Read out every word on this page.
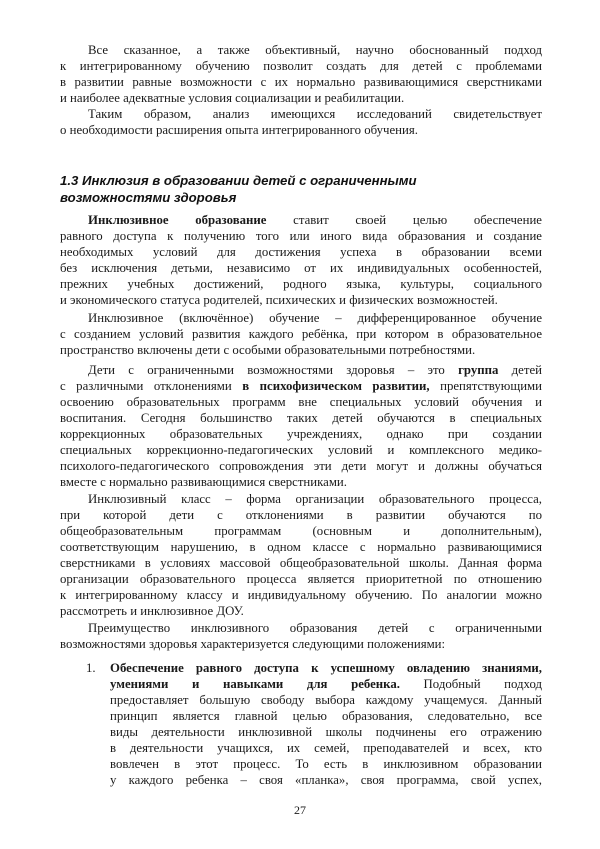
Все сказанное, а также объективный, научно обоснованный подход
к интегрированному обучению позволит создать для детей с проблемами
в развитии равные возможности с их нормально развивающимися сверстниками
и наиболее адекватные условия социализации и реабилитации.
Таким образом, анализ имеющихся исследований свидетельствует
о необходимости расширения опыта интегрированного обучения.
1.3 Инклюзия в образовании детей с ограниченными
возможностями здоровья
Инклюзивное образование ставит своей целью обеспечение
равного доступа к получению того или иного вида образования и создание
необходимых условий для достижения успеха в образовании всеми
без исключения детьми, независимо от их индивидуальных особенностей,
прежних учебных достижений, родного языка, культуры, социального
и экономического статуса родителей, психических и физических возможностей.
Инклюзивное (включённое) обучение – дифференцированное обучение
с созданием условий развития каждого ребёнка, при котором в образовательное
пространство включены дети с особыми образовательными потребностями.
Дети с ограниченными возможностями здоровья – это группа детей
с различными отклонениями в психофизическом развитии, препятствующими
освоению образовательных программ вне специальных условий обучения и
воспитания. Сегодня большинство таких детей обучаются в специальных
коррекционных образовательных учреждениях, однако при создании
специальных коррекционно-педагогических условий и комплексного медико-
психолого-педагогического сопровождения эти дети могут и должны обучаться
вместе с нормально развивающимися сверстниками.
Инклюзивный класс – форма организации образовательного процесса,
при которой дети с отклонениями в развитии обучаются по
общеобразовательным программам (основным и дополнительным),
соответствующим нарушению, в одном классе с нормально развивающимися
сверстниками в условиях массовой общеобразовательной школы. Данная форма
организации образовательного процесса является приоритетной по отношению
к интегрированному классу и индивидуальному обучению. По аналогии можно
рассмотреть и инклюзивное ДОУ.
Преимущество инклюзивного образования детей с ограниченными
возможностями здоровья характеризуется следующими положениями:
1. Обеспечение равного доступа к успешному овладению знаниями,
умениями и навыками для ребенка. Подобный подход
предоставляет большую свободу выбора каждому учащемуся. Данный
принцип является главной целью образования, следовательно, все
виды деятельности инклюзивной школы подчинены его отражению
в деятельности учащихся, их семей, преподавателей и всех, кто
вовлечен в этот процесс. То есть в инклюзивном образовании
у каждого ребенка – своя «планка», своя программа, свой успех,
27
